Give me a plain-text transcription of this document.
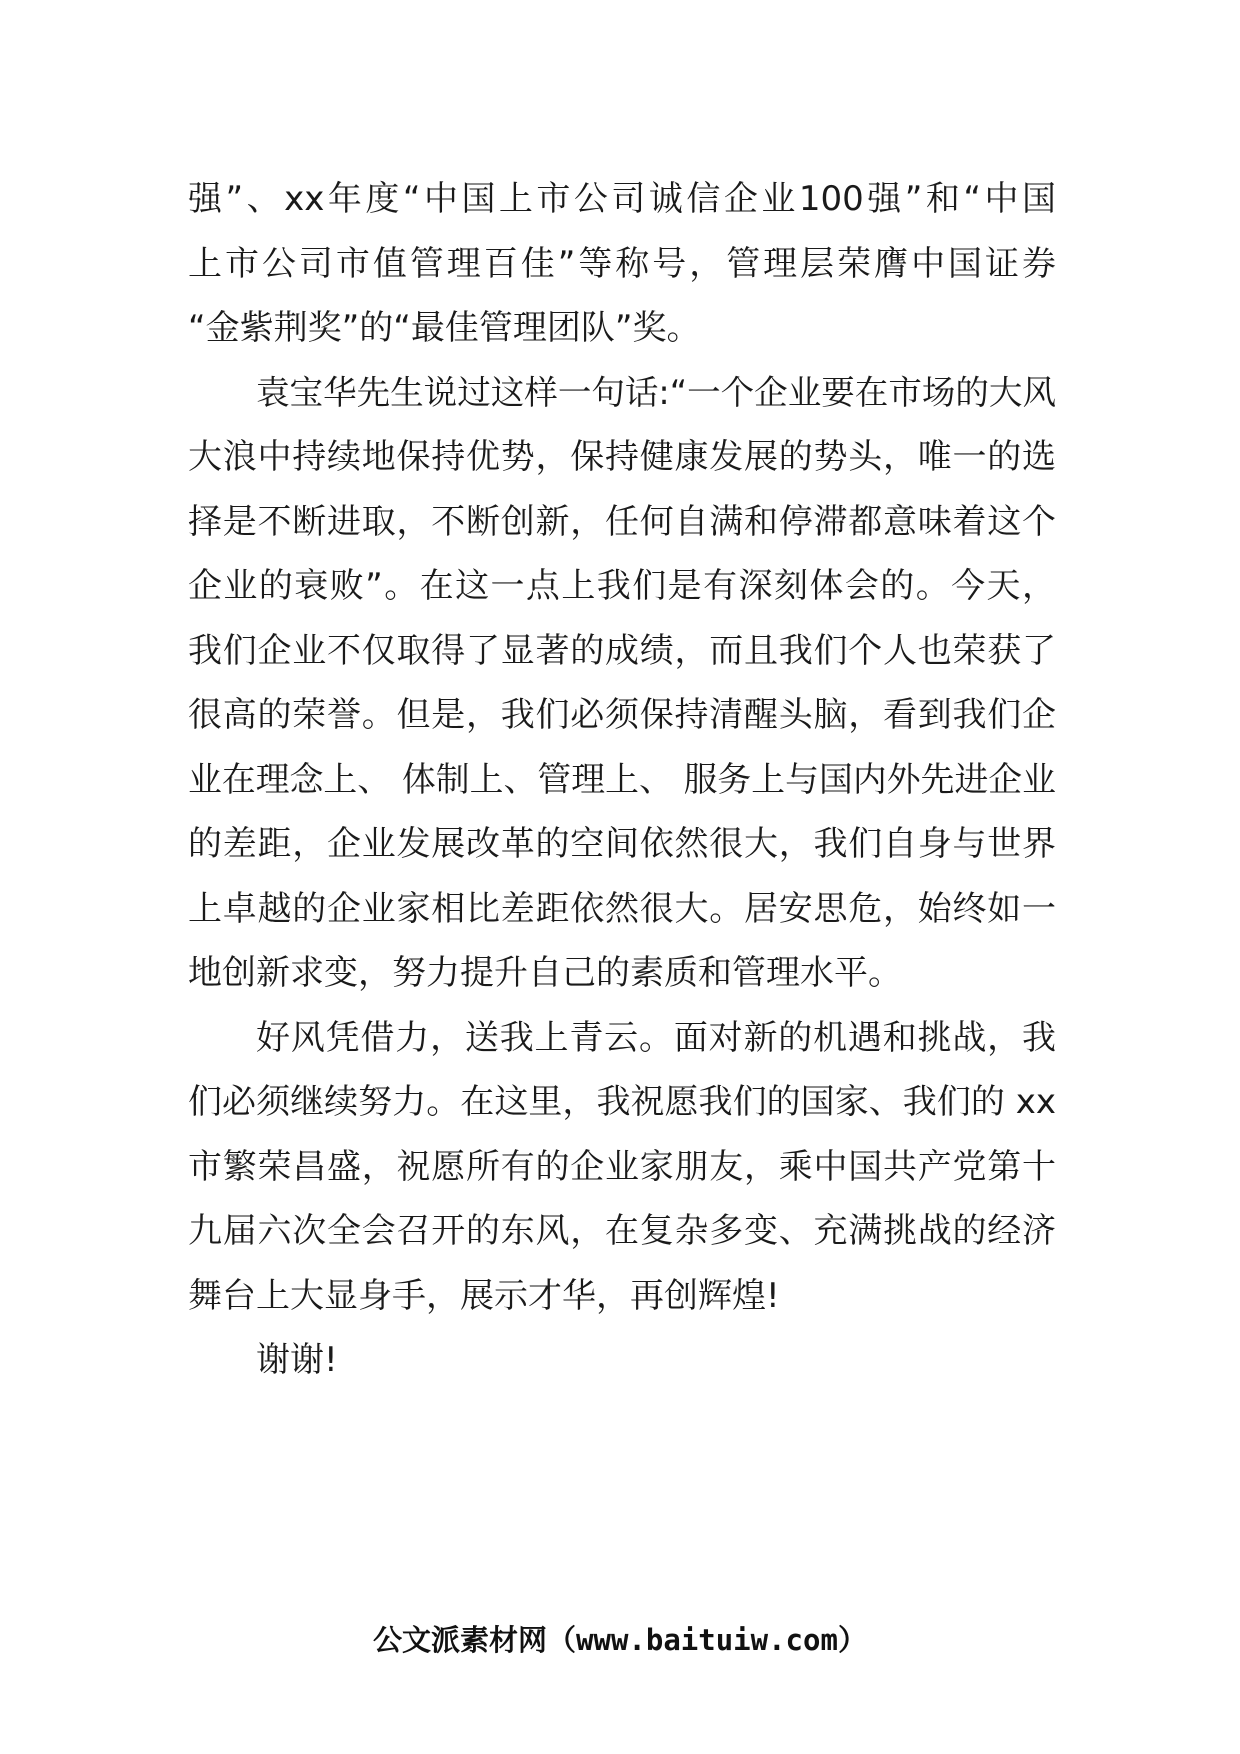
强”、xx年度“中国上市公司诚信企业100强”和“中国
上市公司市值管理百佳”等称号，管理层荣膺中国证券
“金紫荆奖”的“最佳管理团队”奖。
袁宝华先生说过这样一句话:“一个企业要在市场的大风
大浪中持续地保持优势，保持健康发展的势头，唯一的选
择是不断进取，不断创新，任何自满和停滞都意味着这个
企业的衰败”。在这一点上我们是有深刻体会的。今天，
我们企业不仅取得了显著的成绩，而且我们个人也荣获了
很高的荣誉。但是，我们必须保持清醒头脑，看到我们企
业在理念上、 体制上、管理上、 服务上与国内外先进企业
的差距，企业发展改革的空间依然很大，我们自身与世界
上卓越的企业家相比差距依然很大。居安思危，始终如一
地创新求变，努力提升自己的素质和管理水平。
好风凭借力，送我上青云。面对新的机遇和挑战，我
们必须继续努力。在这里，我祝愿我们的国家、我们的 xx
市繁荣昌盛，祝愿所有的企业家朋友，乘中国共产党第十
九届六次全会召开的东风，在复杂多变、充满挑战的经济
舞台上大显身手，展示才华，再创辉煌!
谢谢!
公文派素材网（www.baituiw.com）
